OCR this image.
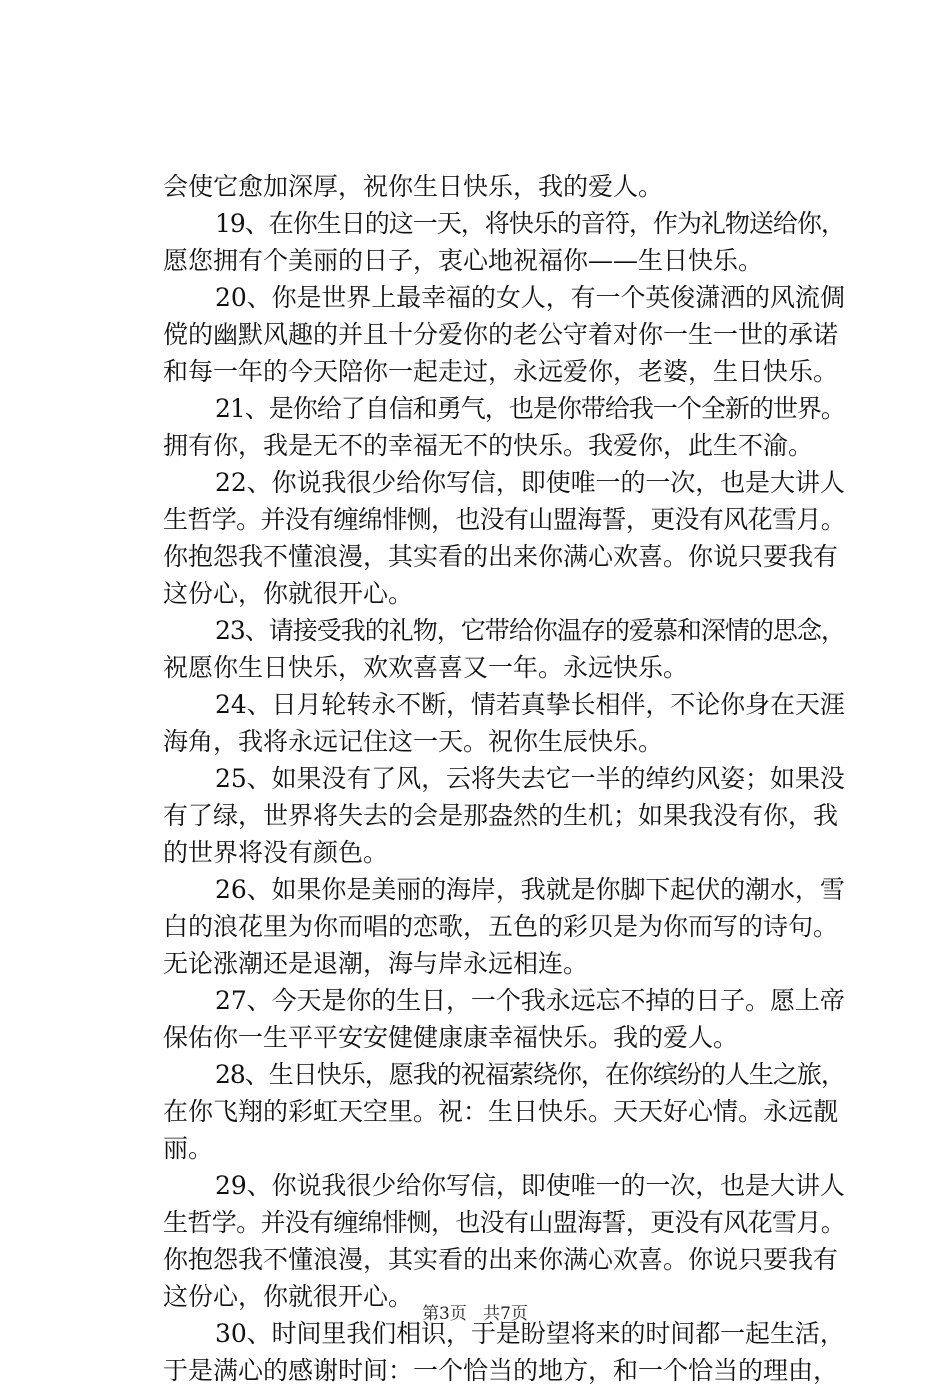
会使它愈加深厚，祝你生日快乐，我的爱人。
19、在你生日的这一天，将快乐的音符，作为礼物送给你，
愿您拥有个美丽的日子，衷心地祝福你——生日快乐。
20、你是世界上最幸福的女人，有一个英俊潇洒的风流倜
傥的幽默风趣的并且十分爱你的老公守着对你一生一世的承诺
和每一年的今天陪你一起走过，永远爱你，老婆，生日快乐。
21、是你给了自信和勇气，也是你带给我一个全新的世界。
拥有你，我是无不的幸福无不的快乐。我爱你，此生不渝。
22、你说我很少给你写信，即使唯一的一次，也是大讲人
生哲学。并没有缠绵悱恻，也没有山盟海誓，更没有风花雪月。
你抱怨我不懂浪漫，其实看的出来你满心欢喜。你说只要我有
这份心，你就很开心。
23、请接受我的礼物，它带给你温存的爱慕和深情的思念，
祝愿你生日快乐，欢欢喜喜又一年。永远快乐。
24、日月轮转永不断，情若真挚长相伴，不论你身在天涯
海角，我将永远记住这一天。祝你生辰快乐。
25、如果没有了风，云将失去它一半的绰约风姿；如果没
有了绿，世界将失去的会是那盎然的生机；如果我没有你，我
的世界将没有颜色。
26、如果你是美丽的海岸，我就是你脚下起伏的潮水，雪
白的浪花里为你而唱的恋歌，五色的彩贝是为你而写的诗句。
无论涨潮还是退潮，海与岸永远相连。
27、今天是你的生日，一个我永远忘不掉的日子。愿上帝
保佑你一生平平安安健健康康幸福快乐。我的爱人。
28、生日快乐，愿我的祝福萦绕你，在你缤纷的人生之旅，
在你飞翔的彩虹天空里。祝：生日快乐。天天好心情。永远靓
丽。
29、你说我很少给你写信，即使唯一的一次，也是大讲人
生哲学。并没有缠绵悱恻，也没有山盟海誓，更没有风花雪月。
你抱怨我不懂浪漫，其实看的出来你满心欢喜。你说只要我有
这份心，你就很开心。
30、时间里我们相识，于是盼望将来的时间都一起生活，
于是满心的感谢时间：一个恰当的地方，和一个恰当的理由，
第3页 共7页
